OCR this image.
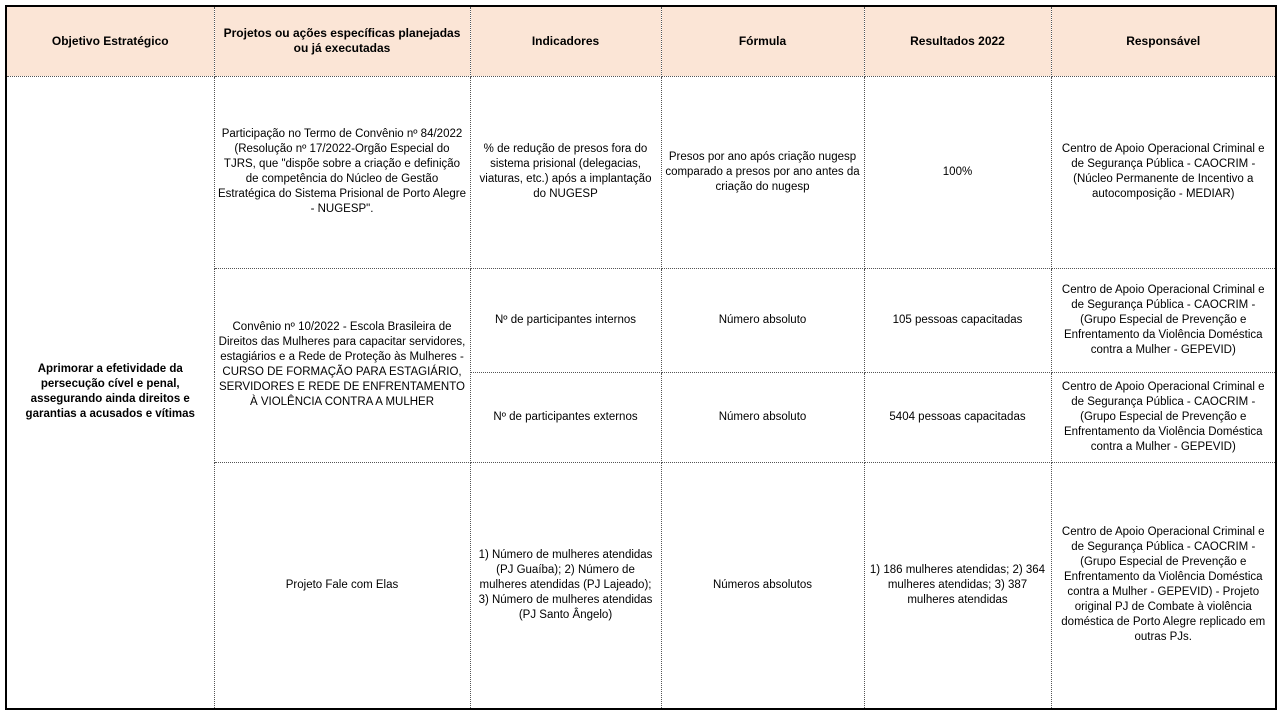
Objetivo Estratégico	Projetos ou ações específicas planejadas ou já executadas	Indicadores	Fórmula	Resultados 2022	Responsável
Aprimorar a efetividade da persecução cível e penal, assegurando ainda direitos e garantias a acusados e vítimas	Participação no Termo de Convênio nº 84/2022 (Resolução nº 17/2022-Orgão Especial do TJRS, que "dispõe sobre a criação e definição de competência do Núcleo de Gestão Estratégica do Sistema Prisional de Porto Alegre - NUGESP".	% de redução de presos fora do sistema prisional (delegacias, viaturas, etc.) após a implantação do NUGESP	Presos por ano após criação nugesp comparado a presos por ano antes da criação do nugesp	100%	Centro de Apoio Operacional Criminal e de Segurança Pública - CAOCRIM - (Núcleo Permanente de Incentivo a autocomposição - MEDIAR)
	Convênio nº 10/2022 - Escola Brasileira de Direitos das Mulheres para capacitar servidores, estagiários e a Rede de Proteção às Mulheres - CURSO DE FORMAÇÃO PARA ESTAGIÁRIO, SERVIDORES E REDE DE ENFRENTAMENTO À VIOLÊNCIA CONTRA A MULHER	Nº de participantes internos	Número absoluto	105 pessoas capacitadas	Centro de Apoio Operacional Criminal e de Segurança Pública - CAOCRIM - (Grupo Especial de Prevenção e Enfrentamento da Violência Doméstica contra a Mulher - GEPEVID)
		Nº de participantes externos	Número absoluto	5404 pessoas capacitadas	Centro de Apoio Operacional Criminal e de Segurança Pública - CAOCRIM - (Grupo Especial de Prevenção e Enfrentamento da Violência Doméstica contra a Mulher - GEPEVID)
	Projeto Fale com Elas	1) Número de mulheres atendidas (PJ Guaíba); 2) Número de mulheres atendidas (PJ Lajeado); 3) Número de mulheres atendidas (PJ Santo Ângelo)	Números absolutos	1) 186 mulheres atendidas; 2) 364 mulheres atendidas; 3) 387 mulheres atendidas	Centro de Apoio Operacional Criminal e de Segurança Pública - CAOCRIM - (Grupo Especial de Prevenção e Enfrentamento da Violência Doméstica contra a Mulher - GEPEVID) - Projeto original PJ de Combate à violência doméstica de Porto Alegre replicado em outras PJs.
